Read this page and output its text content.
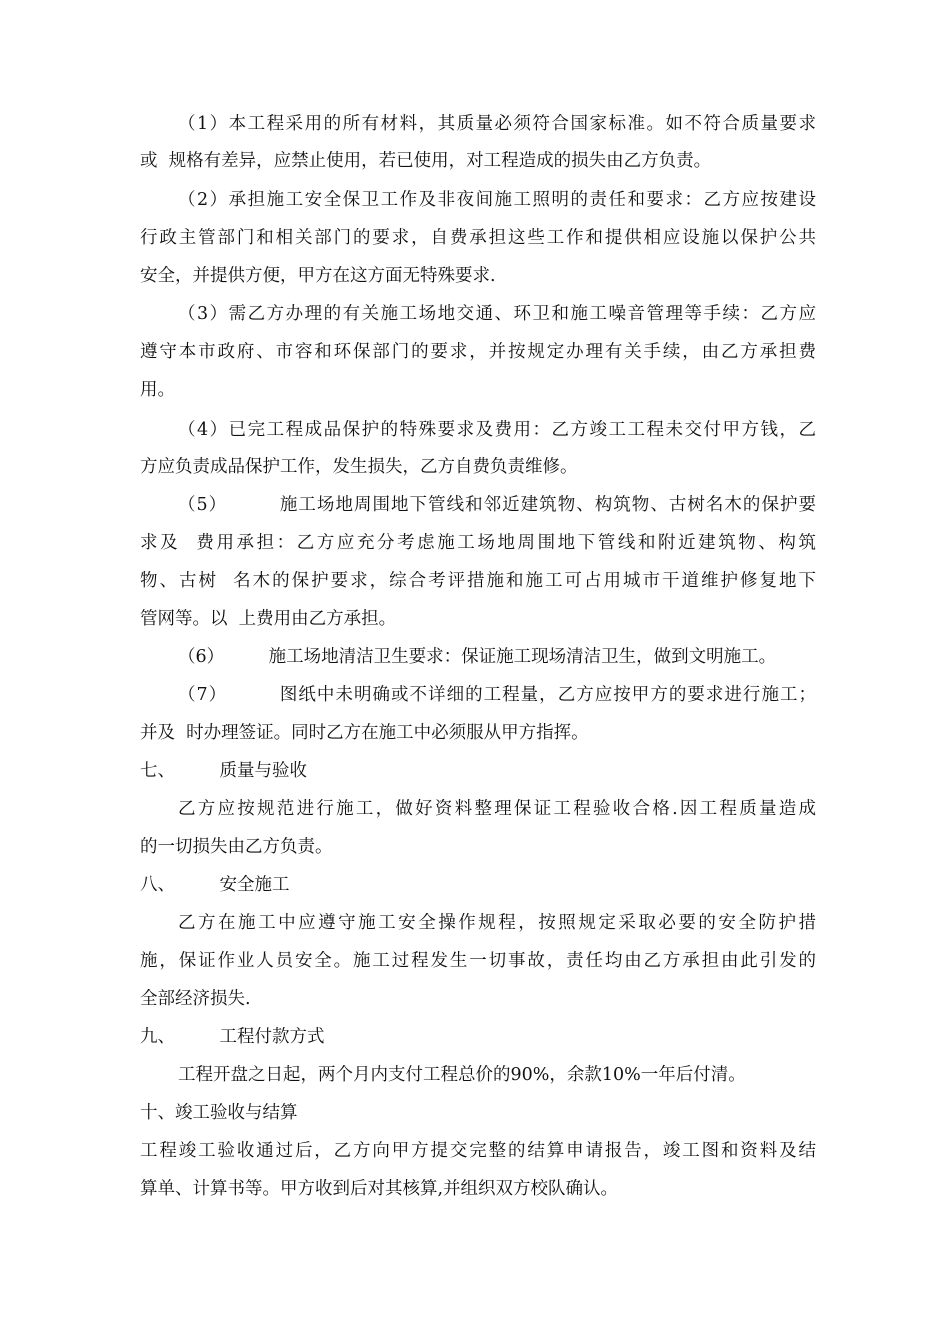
（1）本工程采用的所有材料，其质量必须符合国家标准。如不符合质量要求
或  规格有差异，应禁止使用，若已使用，对工程造成的损失由乙方负责。
（2）承担施工安全保卫工作及非夜间施工照明的责任和要求：乙方应按建设
行政主管部门和相关部门的要求，自费承担这些工作和提供相应设施以保护公共
安全，并提供方便，甲方在这方面无特殊要求.
（3）需乙方办理的有关施工场地交通、环卫和施工噪音管理等手续：乙方应
遵守本市政府、市容和环保部门的要求，并按规定办理有关手续，由乙方承担费
用。
（4）已完工程成品保护的特殊要求及费用：乙方竣工工程未交付甲方钱，乙
方应负责成品保护工作，发生损失，乙方自费负责维修。
（5）        施工场地周围地下管线和邻近建筑物、构筑物、古树名木的保护要
求及  费用承担：乙方应充分考虑施工场地周围地下管线和附近建筑物、构筑
物、古树  名木的保护要求，综合考评措施和施工可占用城市干道维护修复地下
管网等。以  上费用由乙方承担。
（6）        施工场地清洁卫生要求：保证施工现场清洁卫生，做到文明施工。
（7）        图纸中未明确或不详细的工程量，乙方应按甲方的要求进行施工；
并及  时办理签证。同时乙方在施工中必须服从甲方指挥。
七、        质量与验收
乙方应按规范进行施工，做好资料整理保证工程验收合格.因工程质量造成
的一切损失由乙方负责。
八、        安全施工
乙方在施工中应遵守施工安全操作规程，按照规定采取必要的安全防护措
施，保证作业人员安全。施工过程发生一切事故，责任均由乙方承担由此引发的
全部经济损失.
九、        工程付款方式
工程开盘之日起，两个月内支付工程总价的90%，余款10%一年后付清。
十、竣工验收与结算
工程竣工验收通过后，乙方向甲方提交完整的结算申请报告，竣工图和资料及结
算单、计算书等。甲方收到后对其核算,并组织双方校队确认。
